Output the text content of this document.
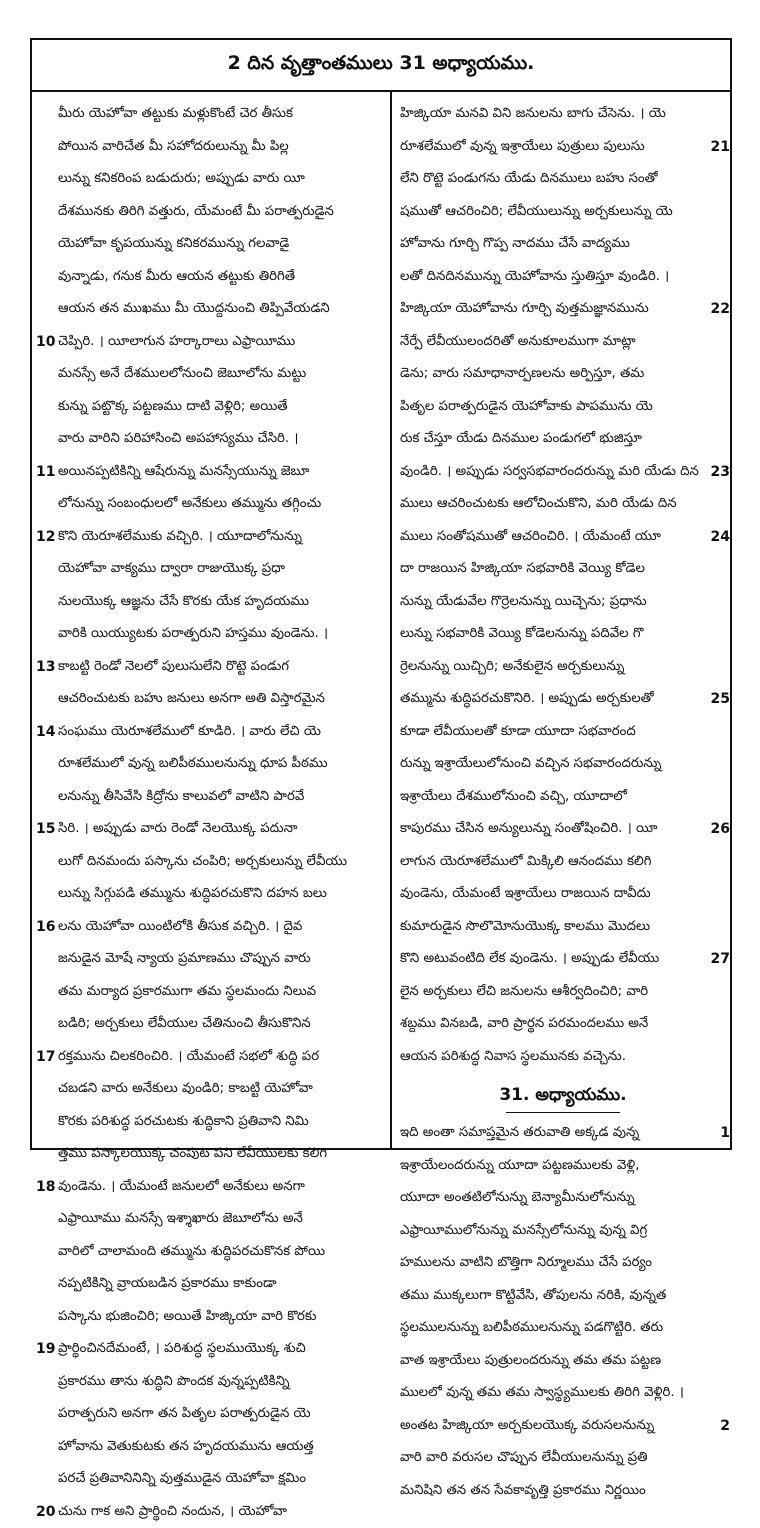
2 దిన వృత్తాంతములు 31 అధ్యాయము.
మీరు యెహోవా తట్టుకు మళ్లుకొంటే చెర తీసుక
పోయిన వారిచేత మీ సహోదరులున్ను మీ పిల్ల
లున్ను కనికరింప బడుదురు; అప్పుడు వారు యీ
దేశమునకు తిరిగి వత్తురు, యేమంటే మీ పరాత్పరుడైన
యెహోవా కృపయున్ను కనికరమున్ను గలవాడై
వున్నాడు, గనుక మీరు ఆయన తట్టుకు తిరిగితే
ఆయన తన ముఖము మీ యొద్దనుంచి తిప్పివేయడని
10 చెప్పిరి. । యీలాగున హర్కారాలు ఎఫ్రాయీము
మనస్సే అనే దేశములలోనుంచి జెబూలోను మట్టు
కున్ను పట్టొక్క పట్టణము దాటి వెళ్లిరి; అయితే
వారు వారిని పరిహాసించి అపహాస్యము చేసిరి. ।
11 అయినప్పటికిన్ని ఆషేరున్ను మనస్సేయున్ను జెబూ
లోనున్ను సంబంధులలో అనేకులు తమ్మును తగ్గించు
12 కొని యెరూశలేముకు వచ్చిరి. । యూదాలోనున్ను
యెహోవా వాక్యము ద్వారా రాజుయొక్క ప్రధా
నులయొక్క ఆజ్ఞను చేసే కొరకు యేక హృదయము
వారికి యియ్యుటకు పరాత్పరుని హస్తము వుండెను. ।
13 కాబట్టి రెండో నెలలో పులుసులేని రొట్టె పండుగ
ఆచరించుటకు బహు జనులు అనగా అతి విస్తారమైన
14 సంఘము యెరూశలేములో కూడిరి. । వారు లేచి యె
రూశలేములో వున్న బలిపీఠములనున్ను ధూప పీఠము
లనున్ను తీసివేసి కిద్రోను కాలువలో వాటిని పారవే
15 సిరి. । అప్పుడు వారు రెండో నెలయొక్క పదునా
లుగో దినమందు పస్కాను చంపిరి; అర్చకులున్ను లేవీయు
లున్ను సిగ్గుపడి తమ్మును శుద్ధిపరచుకొని దహన బలు
16 లను యెహోవా యింటిలోకి తీసుక వచ్చిరి. । దైవ
జనుడైన మోషే న్యాయ ప్రమాణము చొప్పున వారు
తమ మర్యాద ప్రకారముగా తమ స్థలమందు నిలువ
బడిరి; అర్చకులు లేవీయుల చేతినుంచి తీసుకొనిన
17 రక్తమును చిలకరించిరి. । యేమంటే సభలో శుద్ధి పర
చబడని వారు అనేకులు వుండిరి; కాబట్టి యెహోవా
కొరకు పరిశుద్ధ పరచుటకు శుద్ధికాని ప్రతివాని నిమి
త్తము పస్కాలయొక్క చంపుట పని లేవీయులకు కలిగి
18 వుండెను. । యేమంటే జనులలో అనేకులు అనగా
ఎఫ్రాయీము మనస్సే ఇశ్శాఖారు జెబూలోను అనే
వారిలో చాలామంది తమ్మును శుద్ధిపరచుకొనక పోయి
నప్పటికిన్ని వ్రాయబడిన ప్రకారము కాకుండా
పస్కాను భుజించిరి; అయితే హిజ్కియా వారి కొరకు
19 ప్రార్థించినదేమంటే, । పరిశుద్ధ స్థలముయొక్క శుచి
ప్రకారము తాను శుద్ధిని పొందక వున్నప్పటికిన్ని
పరాత్పరుని అనగా తన పితృల పరాత్పరుడైన యె
హోవాను వెతుకుటకు తన హృదయమును ఆయత్త
పరచే ప్రతివానినిన్ని వుత్తముడైన యెహోవా క్షమిం
20 చును గాక అని ప్రార్థించి నందున, । యెహోవా
హిజ్కియా మనవి విని జనులను బాగు చేసెను. । యె
21
రూశలేములో వున్న ఇశ్రాయేలు పుత్రులు పులుసు
లేని రొట్టె పండుగను యేడు దినములు బహు సంతో
షముతో ఆచరించిరి; లేవీయులున్ను అర్చకులున్ను యె
హోవాను గూర్చి గొప్ప నాదము చేసే వాద్యము
లతో దినదినమున్ను యెహోవాను స్తుతిస్తూ వుండిరి. ।
22
హిజ్కియా యెహోవాను గూర్చి వుత్తమజ్ఞానమును
నేర్పే లేవీయులందరితో అనుకూలముగా మాట్లా
డెను; వారు సమాధానార్పణలను అర్పిస్తూ, తమ
పితృల పరాత్పరుడైన యెహోవాకు పాపమును యె
రుక చేస్తూ యేడు దినముల పండుగలో భుజిస్తూ
23
వుండిరి. । అప్పుడు సర్వసభవారందరున్ను మరి యేడు దిన
ములు ఆచరించుటకు ఆలోచించుకొని, మరి యేడు దిన
24
ములు సంతోషముతో ఆచరించిరి. । యేమంటే యూ
దా రాజయిన హిజ్కియా సభవారికి వెయ్యి కోడెల
నున్ను యేడువేల గొర్రెలనున్ను యిచ్చెను; ప్రధాను
లున్ను సభవారికి వెయ్యి కోడెలనున్ను పదివేల గొ
ర్రెలనున్ను యిచ్చిరి; అనేకులైన అర్చకులున్ను
25
తమ్మును శుద్ధిపరచుకొనిరి. । అప్పుడు అర్చకులతో
కూడా లేవీయులతో కూడా యూదా సభవారంద
రున్ను ఇశ్రాయేలులోనుంచి వచ్చిన సభవారందరున్ను
ఇశ్రాయేలు దేశములోనుంచి వచ్చి, యూదాలో
26
కాపురము చేసిన అన్యులున్ను సంతోషించిరి. । యీ
లాగున యెరూశలేములో మిక్కిలి ఆనందము కలిగి
వుండెను, యేమంటే ఇశ్రాయేలు రాజయిన దావీదు
కుమారుడైన సొలొమోనుయొక్క కాలము మొదలు
27
కొని అటువంటిది లేక వుండెను. । అప్పుడు లేవీయు
లైన అర్చకులు లేచి జనులను ఆశీర్వదించిరి; వారి
శబ్దము వినబడి, వారి ప్రార్థన పరమందలము అనే
ఆయన పరిశుద్ధ నివాస స్థలమునకు వచ్చెను.
31. అధ్యాయము.
1
ఇది అంతా సమాప్తమైన తరువాతి అక్కడ వున్న
ఇశ్రాయేలందరున్ను యూదా పట్టణములకు వెళ్లి,
యూదా అంతటిలోనున్ను బెన్యామీనులోనున్ను
ఎఫ్రాయీములోనున్ను మనస్సేలోనున్ను వున్న విగ్ర
హములను వాటిని బొత్తిగా నిర్మూలము చేసే పర్యం
తము ముక్కలుగా కొట్టివేసి, తోపులను నరికి, వున్నత
స్థలములనున్ను బలిపీఠములనున్ను పడగొట్టిరి. తరు
వాత ఇశ్రాయేలు పుత్రులందరున్ను తమ తమ పట్టణ
ములలో వున్న తమ తమ స్వాస్థ్యములకు తిరిగి వెళ్లిరి. ।
2
అంతట హిజ్కియా అర్చకులయొక్క వరుసలనున్ను
వారి వారి వరుసల చొప్పున లేవీయులనున్ను ప్రతి
మనిషిని తన తన సేవకావృత్తి ప్రకారము నిర్ణయిం
